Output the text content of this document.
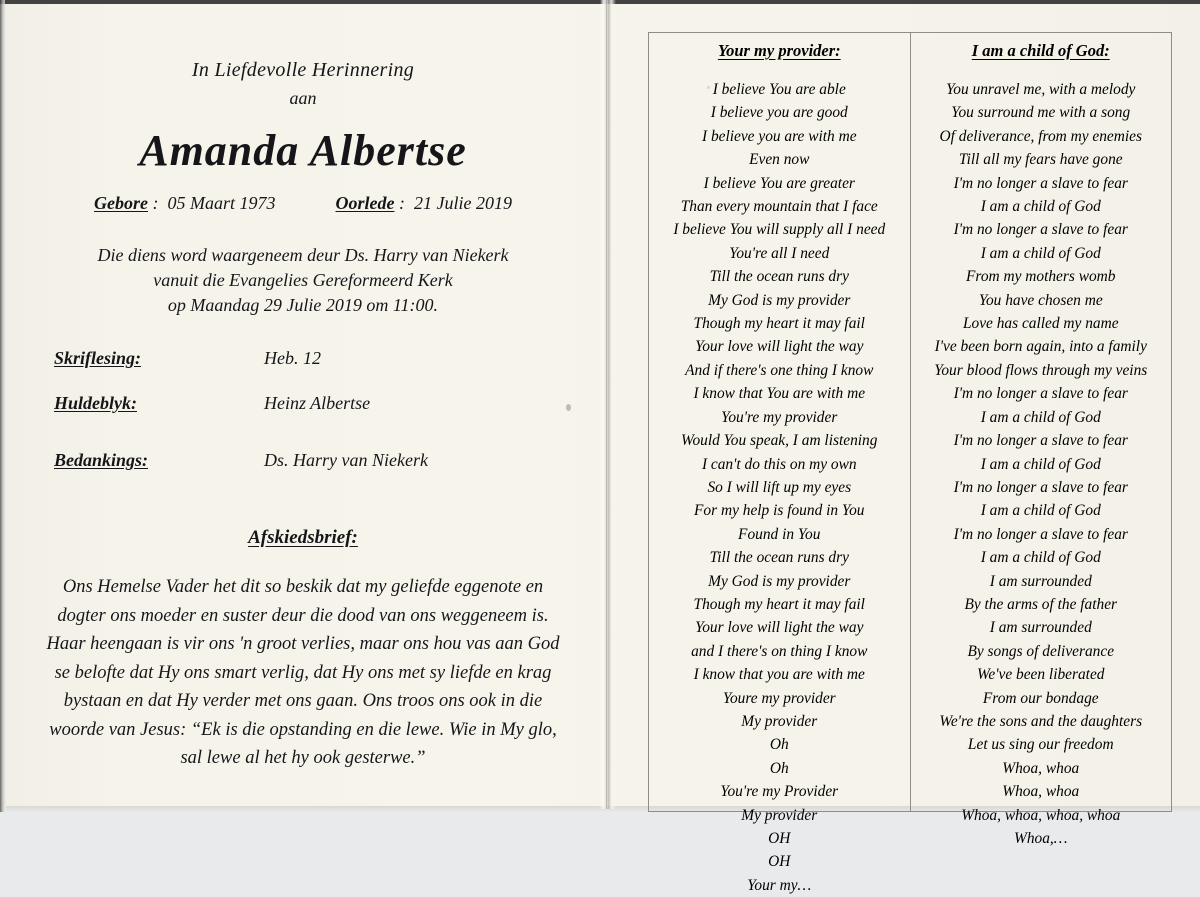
In Liefdevolle Herinnering
aan
Amanda Albertse
Gebore : 05 Maart 1973	Oorlede : 21 Julie 2019
Die diens word waargeneem deur Ds. Harry van Niekerk
vanuit die Evangelies Gereformeerd Kerk
op Maandag 29 Julie 2019 om 11:00.
Skriflesing:	Heb. 12
Huldeblyk:	Heinz Albertse
Bedankings:	Ds. Harry van Niekerk
Afskiedsbrief:
Ons Hemelse Vader het dit so beskik dat my geliefde eggenote en
dogter ons moeder en suster deur die dood van ons weggeneem is.
Haar heengaan is vir ons 'n groot verlies, maar ons hou vas aan God
se belofte dat Hy ons smart verlig, dat Hy ons met sy liefde en krag
bystaan en dat Hy verder met ons gaan. Ons troos ons ook in die
woorde van Jesus: “Ek is die opstanding en die lewe. Wie in My glo,
sal lewe al het hy ook gesterwe.”
Your my provider:
I believe You are able
I believe you are good
I believe you are with me
Even now
I believe You are greater
Than every mountain that I face
I believe You will supply all I need
You're all I need
Till the ocean runs dry
My God is my provider
Though my heart it may fail
Your love will light the way
And if there's one thing I know
I know that You are with me
You're my provider
Would You speak, I am listening
I can't do this on my own
So I will lift up my eyes
For my help is found in You
Found in You
Till the ocean runs dry
My God is my provider
Though my heart it may fail
Your love will light the way
and I there's on thing I know
I know that you are with me
Youre my provider
My provider
Oh
Oh
You're my Provider
My provider
OH
OH
Your my…
I am a child of God:
You unravel me, with a melody
You surround me with a song
Of deliverance, from my enemies
Till all my fears have gone
I'm no longer a slave to fear
I am a child of God
I'm no longer a slave to fear
I am a child of God
From my mothers womb
You have chosen me
Love has called my name
I've been born again, into a family
Your blood flows through my veins
I'm no longer a slave to fear
I am a child of God
I'm no longer a slave to fear
I am a child of God
I'm no longer a slave to fear
I am a child of God
I'm no longer a slave to fear
I am a child of God
I am surrounded
By the arms of the father
I am surrounded
By songs of deliverance
We've been liberated
From our bondage
We're the sons and the daughters
Let us sing our freedom
Whoa, whoa
Whoa, whoa
Whoa, whoa, whoa, whoa
Whoa,…
